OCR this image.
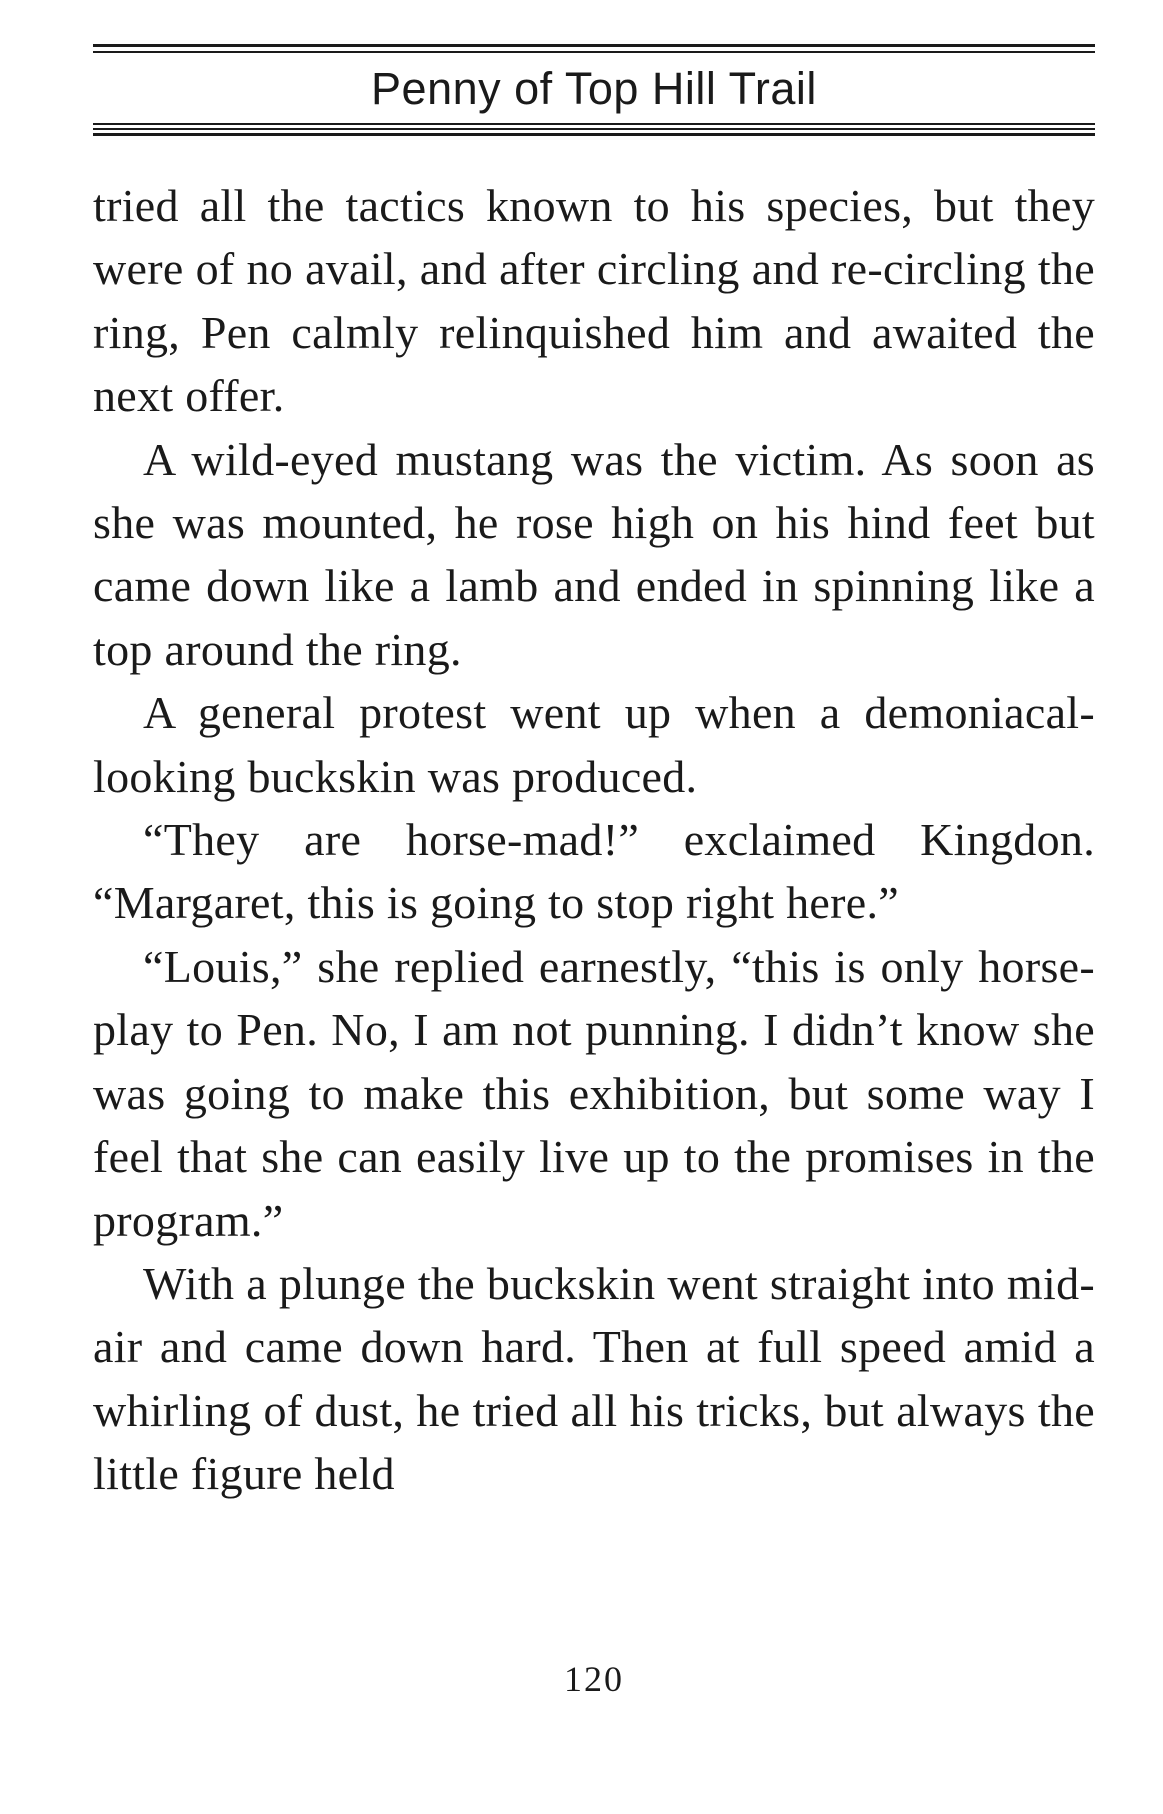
Penny of Top Hill Trail

tried all the tactics known to his species, but they were of no avail, and after circling and re-circling the ring, Pen calmly relinquished him and awaited the next offer.

A wild-eyed mustang was the victim. As soon as she was mounted, he rose high on his hind feet but came down like a lamb and ended in spinning like a top around the ring.

A general protest went up when a demoniacal-looking buckskin was produced.

“They are horse-mad!” exclaimed Kingdon. “Margaret, this is going to stop right here.”

“Louis,” she replied earnestly, “this is only horse-play to Pen. No, I am not punning. I didn’t know she was going to make this exhibition, but some way I feel that she can easily live up to the promises in the program.”

With a plunge the buckskin went straight into mid-air and came down hard. Then at full speed amid a whirling of dust, he tried all his tricks, but always the little figure held

120
